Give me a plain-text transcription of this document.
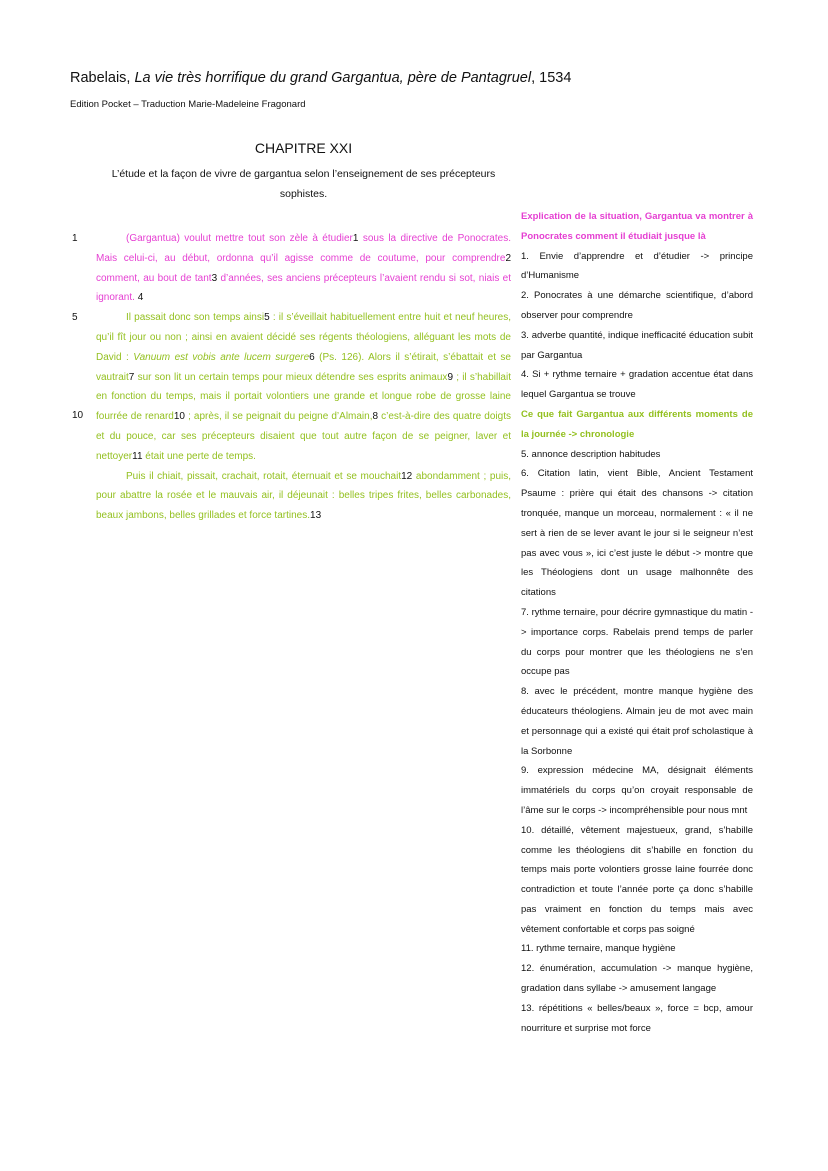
Rabelais, La vie très horrifique du grand Gargantua, père de Pantagruel, 1534
Edition Pocket – Traduction Marie-Madeleine Fragonard
CHAPITRE XXI
L’étude et la façon de vivre de gargantua selon l’enseignement de ses précepteurs sophistes.
1
5
10

(Gargantua) voulut mettre tout son zèle à étudier1 sous la directive de Ponocrates. Mais celui-ci, au début, ordonna qu’il agisse comme de coutume, pour comprendre2 comment, au bout de tant3 d’années, ses anciens précepteurs l’avaient rendu si sot, niais et ignorant. 4

Il passait donc son temps ainsi5 : il s’éveillait habituellement entre huit et neuf heures, qu’il fît jour ou non ; ainsi en avaient décidé ses régents théologiens, alléguant les mots de David : Vanuum est vobis ante lucem surgere6 (Ps. 126). Alors il s’étirait, s’ébattait et se vautrait7 sur son lit un certain temps pour mieux détendre ses esprits animaux9 ; il s’habillait en fonction du temps, mais il portait volontiers une grande et longue robe de grosse laine fourrée de renard10 ; après, il se peignait du peigne d’Almain,8 c’est-à-dire des quatre doigts et du pouce, car ses précepteurs disaient que tout autre façon de se peigner, laver et nettoyer11 était une perte de temps.

Puis il chiait, pissait, crachait, rotait, éternuait et se mouchait12 abondamment ; puis, pour abattre la rosée et le mauvais air, il déjeunait : belles tripes frites, belles carbonades, beaux jambons, belles grillades et force tartines.13

Explication de la situation, Gargantua va montrer à Ponocrates comment il étudiait jusque là

1. Envie d’apprendre et d’étudier -> principe d’Humanisme

2. Ponocrates à une démarche scientifique, d’abord observer pour comprendre

3. adverbe quantité, indique inefficacité éducation subit par Gargantua

4. Si + rythme ternaire + gradation accentue état dans lequel Gargantua se trouve

Ce que fait Gargantua aux différents moments de la journée -> chronologie

5. annonce description habitudes

6. Citation latin, vient Bible, Ancient Testament Psaume : prière qui était des chansons -> citation tronquée, manque un morceau, normalement : « il ne sert à rien de se lever avant le jour si le seigneur n’est pas avec vous », ici c’est juste le début -> montre que les Théologiens dont un usage malhonnête des citations

7. rythme ternaire, pour décrire gymnastique du matin -> importance corps. Rabelais prend temps de parler du corps pour montrer que les théologiens ne s’en occupe pas

8. avec le précédent, montre manque hygiène des éducateurs théologiens. Almain jeu de mot avec main et personnage qui a existé qui était prof scholastique à la Sorbonne

9. expression médecine MA, désignait éléments immatériels du corps qu’on croyait responsable de l’âme sur le corps -> incompréhensible pour nous mnt

10. détaillé, vêtement majestueux, grand, s’habille comme les théologiens dit s’habille en fonction du temps mais porte volontiers grosse laine fourrée donc contradiction et toute l’année porte ça donc s’habille pas vraiment en fonction du temps mais avec vêtement confortable et corps pas soigné

11. rythme ternaire, manque hygiène

12. énumération, accumulation -> manque hygiène, gradation dans syllabe -> amusement langage

13. répétitions « belles/beaux », force = bcp, amour nourriture et surprise mot force
